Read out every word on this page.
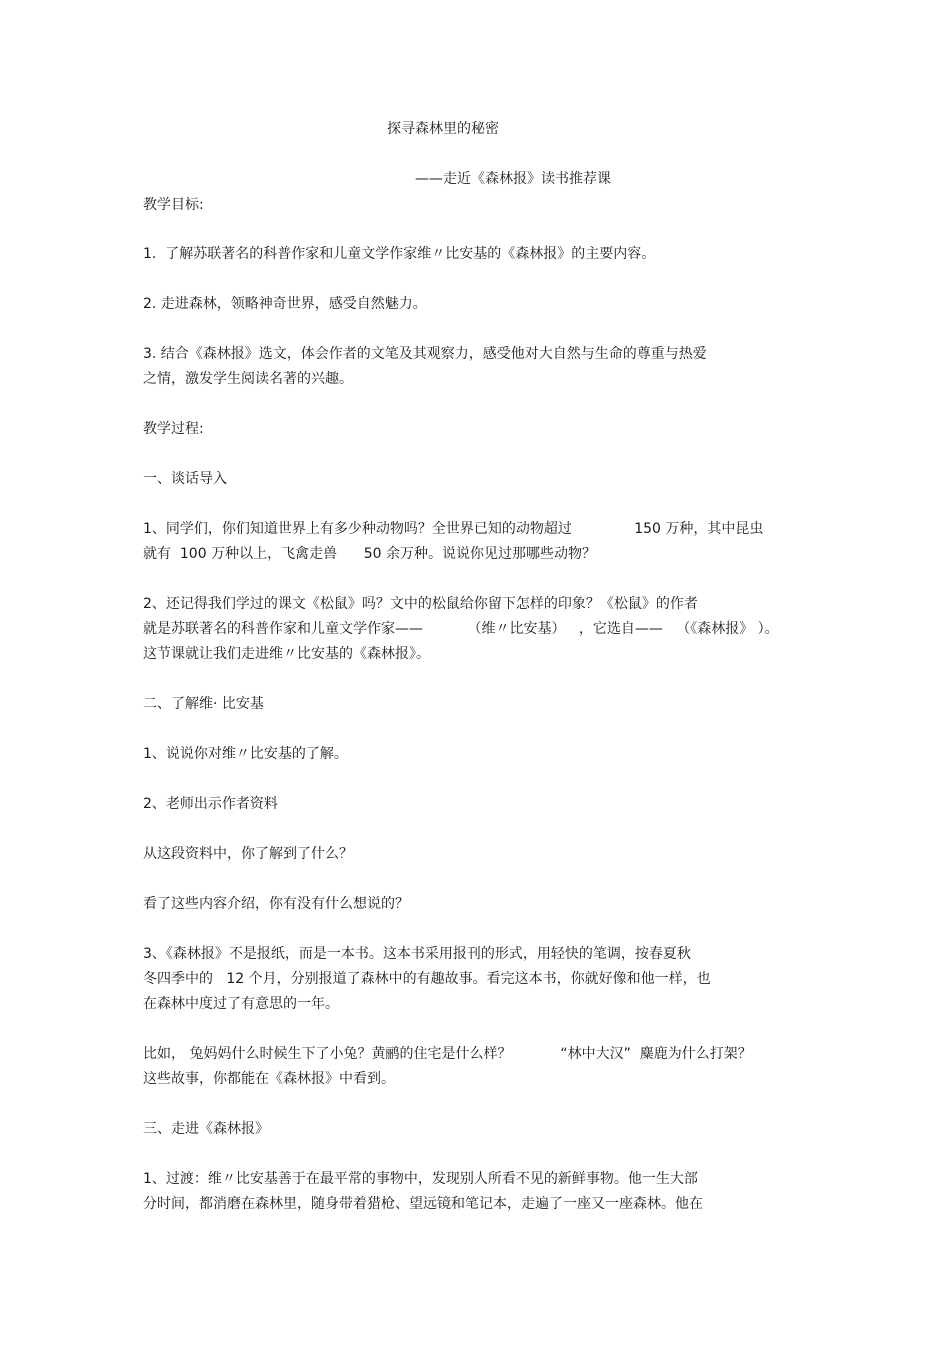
探寻森林里的秘密
——走近《森林报》读书推荐课
教学目标:
1.  了解苏联著名的科普作家和儿童文学作家维〃比安基的《森林报》的主要内容。
2. 走进森林，领略神奇世界，感受自然魅力。
3. 结合《森林报》选文，体会作者的文笔及其观察力，感受他对大自然与生命的尊重与热爱
之情，激发学生阅读名著的兴趣。
教学过程:
一、谈话导入
1、同学们，你们知道世界上有多少种动物吗？全世界已知的动物超过              150 万种，其中昆虫
就有  100 万种以上，飞禽走兽      50 余万种。说说你见过那哪些动物？
2、还记得我们学过的课文《松鼠》吗？文中的松鼠给你留下怎样的印象？《松鼠》的作者
就是苏联著名的科普作家和儿童文学作家——          （维〃比安基）   ，它选自——   （《森林报》 ）。
这节课就让我们走进维〃比安基的《森林报》。
二、了解维· 比安基
1、说说你对维〃比安基的了解。
2、老师出示作者资料
从这段资料中，你了解到了什么？
看了这些内容介绍，你有没有什么想说的？
3、《森林报》不是报纸，而是一本书。这本书采用报刊的形式，用轻快的笔调，按春夏秋
冬四季中的   12 个月，分别报道了森林中的有趣故事。看完这本书，你就好像和他一样，也
在森林中度过了有意思的一年。
比如， 兔妈妈什么时候生下了小兔？黄鹂的住宅是什么样？           “林中大汉”  麋鹿为什么打架？
这些故事，你都能在《森林报》中看到。
三、走进《森林报》
1、过渡：维〃比安基善于在最平常的事物中，发现别人所看不见的新鲜事物。他一生大部
分时间，都消磨在森林里，随身带着猎枪、望远镜和笔记本，走遍了一座又一座森林。他在
